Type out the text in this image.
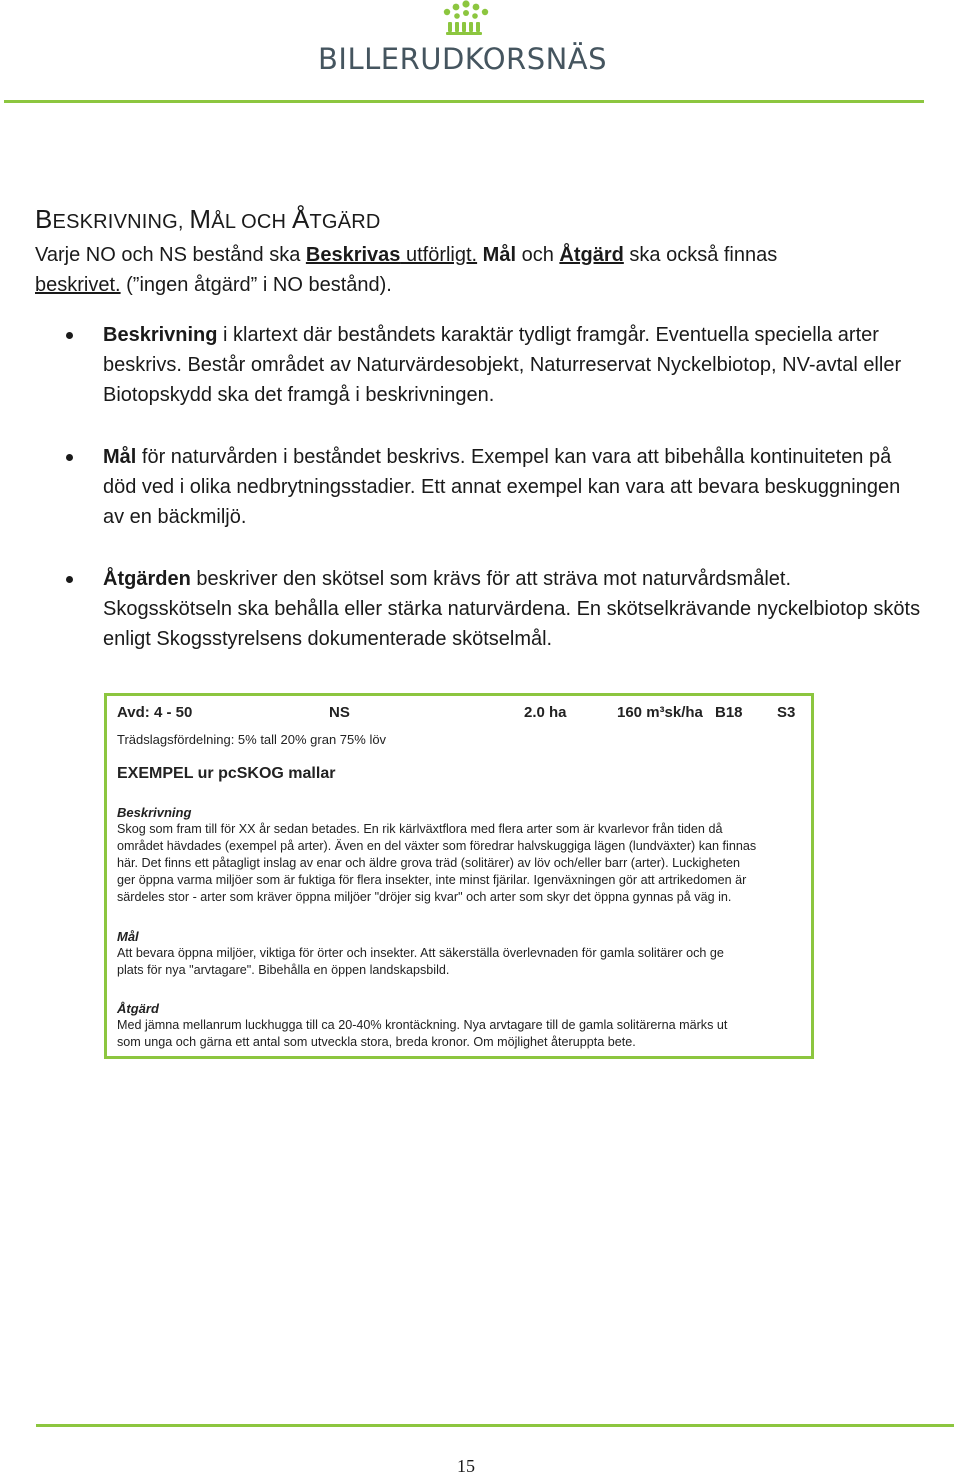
BILLERUDKORSNÄS
BESKRIVNING, MÅL OCH ÅTGÄRD
Varje NO och NS bestånd ska Beskrivas utförligt. Mål och Åtgärd ska också finnas
beskrivet. (”ingen åtgärd” i NO bestånd).
Beskrivning i klartext där beståndets karaktär tydligt framgår. Eventuella speciella arter beskrivs. Består området av Naturvärdesobjekt, Naturreservat Nyckelbiotop, NV-avtal eller Biotopskydd ska det framgå i beskrivningen.
Mål för naturvården i beståndet beskrivs. Exempel kan vara att bibehålla kontinuiteten på död ved i olika nedbrytningsstadier. Ett annat exempel kan vara att bevara beskuggningen av en bäckmiljö.
Åtgärden beskriver den skötsel som krävs för att sträva mot naturvårdsmålet. Skogsskötseln ska behålla eller stärka naturvärdena. En skötselkrävande nyckelbiotop sköts enligt Skogsstyrelsens dokumenterade skötselmål.
Avd: 4 - 50	NS	2.0 ha	160 m³sk/ha B18 S3
Trädslagsfördelning: 5% tall 20% gran 75% löv
EXEMPEL ur pcSKOG mallar
Beskrivning
Skog som fram till för XX år sedan betades. En rik kärlväxtflora med flera arter som är kvarlevor från tiden då
området hävdades (exempel på arter). Även en del växter som föredrar halvskuggiga lägen (lundväxter) kan finnas
här. Det finns ett påtagligt inslag av enar och äldre grova träd (solitärer) av löv och/eller barr (arter). Luckigheten
ger öppna varma miljöer som är fuktiga för flera insekter, inte minst fjärilar. Igenväxningen gör att artrikedomen är
särdeles stor - arter som kräver öppna miljöer "dröjer sig kvar" och arter som skyr det öppna gynnas på väg in.
Mål
Att bevara öppna miljöer, viktiga för örter och insekter. Att säkerställa överlevnaden för gamla solitärer och ge
plats för nya "arvtagare". Bibehålla en öppen landskapsbild.
Åtgärd
Med jämna mellanrum luckhugga till ca 20-40% krontäckning. Nya arvtagare till de gamla solitärerna märks ut
som unga och gärna ett antal som utveckla stora, breda kronor. Om möjlighet återuppta bete.
15
